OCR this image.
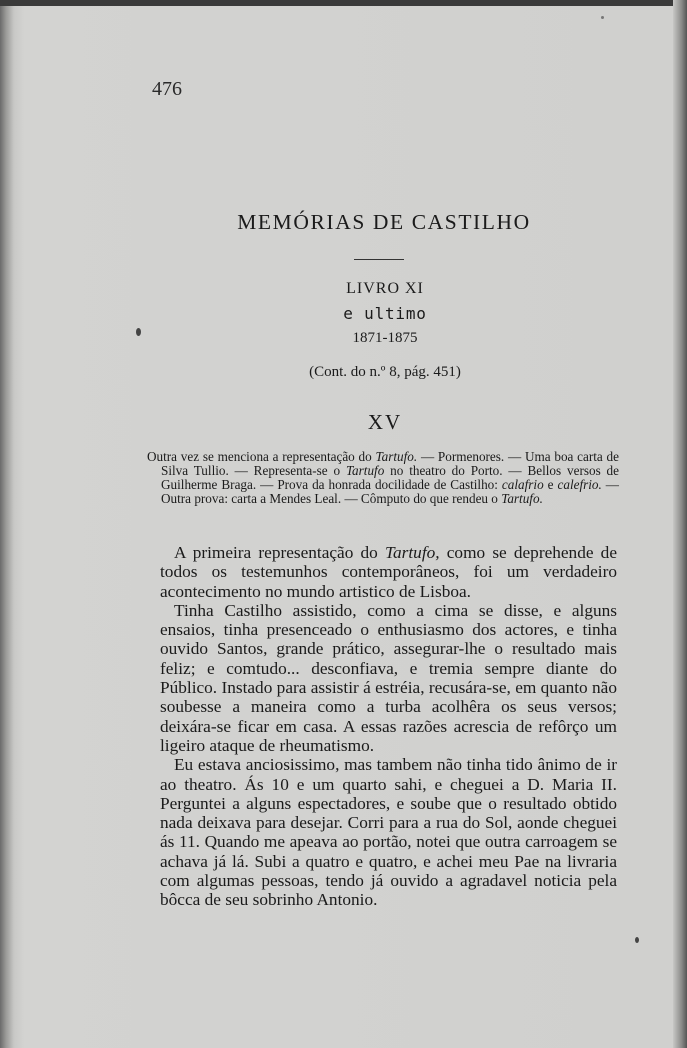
476
MEMÓRIAS DE CASTILHO
LIVRO XI
e ultimo
1871-1875
(Cont. do n.º 8, pág. 451)
XV
Outra vez se menciona a representação do Tartufo. — Pormenores. — Uma boa carta de Silva Tullio. — Representa-se o Tartufo no theatro do Porto. — Bellos versos de Guilherme Braga. — Prova da honrada docilidade de Castilho: calafrio e calefrio. — Outra prova: carta a Mendes Leal. — Cômputo do que rendeu o Tartufo.

A primeira representação do Tartufo, como se deprehende de todos os testemunhos contemporâneos, foi um verdadeiro acontecimento no mundo artistico de Lisboa.

Tinha Castilho assistido, como a cima se disse, e alguns ensaios, tinha presenceado o enthusiasmo dos actores, e tinha ouvido Santos, grande prático, assegurar-lhe o resultado mais feliz; e comtudo... desconfiava, e tremia sempre diante do Público. Instado para assistir á estréia, recusára-se, em quanto não soubesse a maneira como a turba acolhêra os seus versos; deixára-se ficar em casa. A essas razões acrescia de refôrço um ligeiro ataque de rheumatismo.

Eu estava anciosissimo, mas tambem não tinha tido ânimo de ir ao theatro. Ás 10 e um quarto sahi, e cheguei a D. Maria II. Perguntei a alguns espectadores, e soube que o resultado obtido nada deixava para desejar. Corri para a rua do Sol, aonde cheguei ás 11. Quando me apeava ao portão, notei que outra carroagem se achava já lá. Subi a quatro e quatro, e achei meu Pae na livraria com algumas pessoas, tendo já ouvido a agradavel noticia pela bôcca de seu sobrinho Antonio.
